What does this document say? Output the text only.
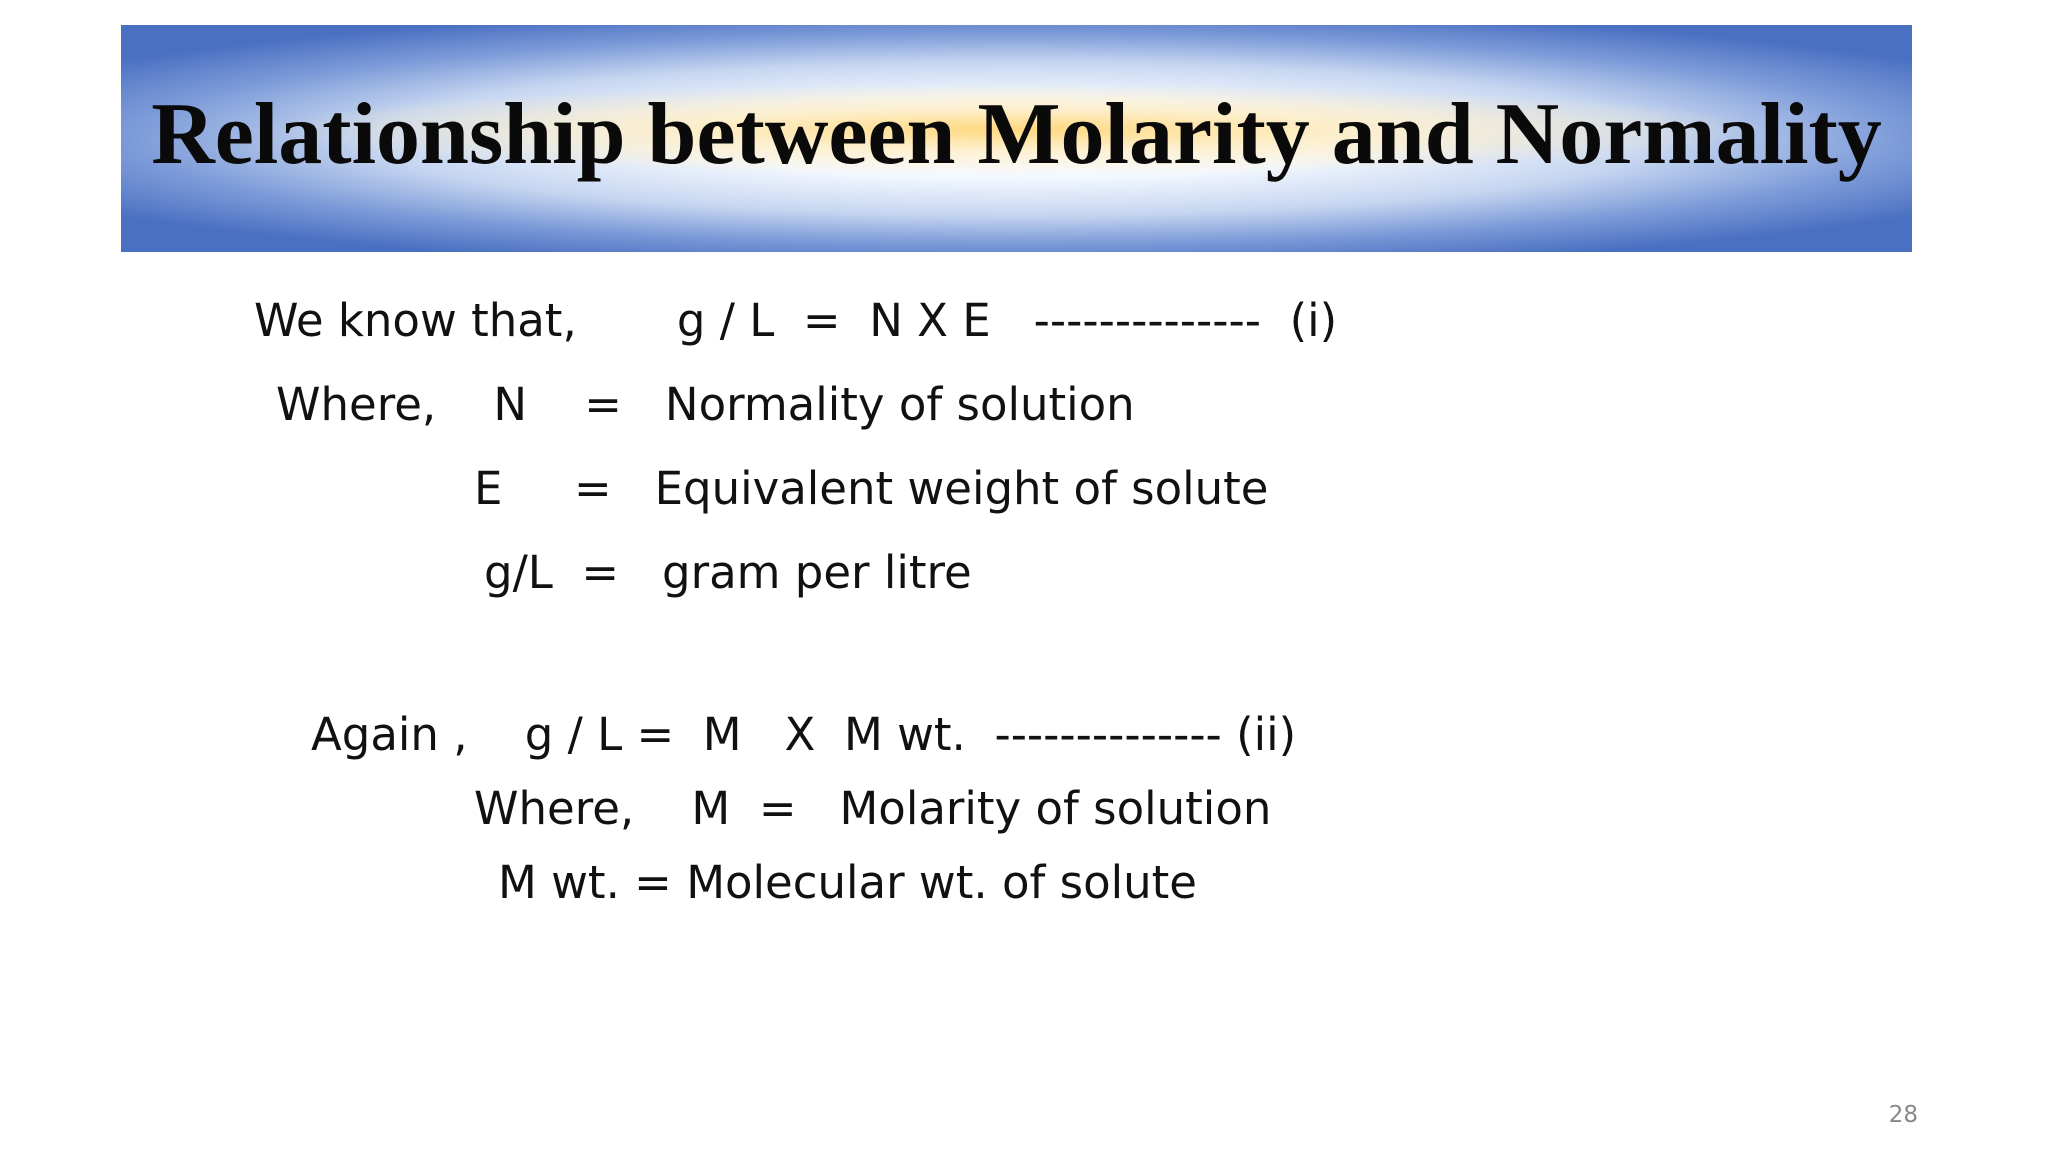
Relationship between Molarity and Normality
We know that,       g / L  =  N X E   --------------  (i)
Where,    N    =   Normality of solution
E     =   Equivalent weight of solute
g/L  =   gram per litre
Again ,    g / L =  M   X  M wt.  -------------- (ii)
Where,    M  =   Molarity of solution
M wt. = Molecular wt. of solute
28
